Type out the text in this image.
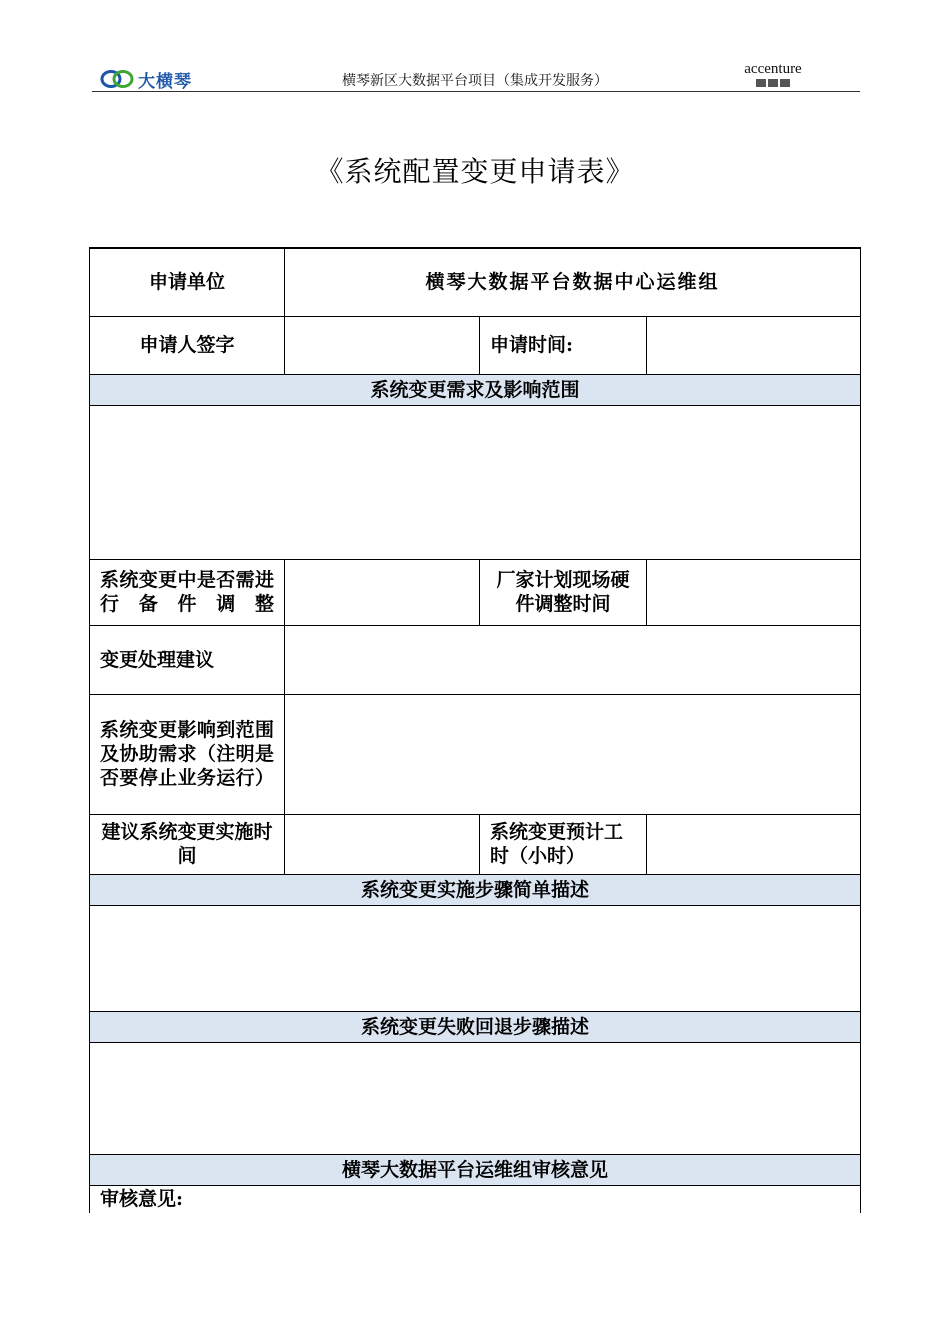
大横琴	横琴新区大数据平台项目（集成开发服务）
accenture
《系统配置变更申请表》
申请单位	横琴大数据平台数据中心运维组		
申请人签字		申请时间:	
系统变更需求及影响范围			

系统变更中是否需进行备件调整		厂家计划现场硬件调整时间	
变更处理建议			
系统变更影响到范围及协助需求（注明是否要停止业务运行）			
建议系统变更实施时间		系统变更预计工时（小时）	
系统变更实施步骤简单描述			

系统变更失败回退步骤描述			

横琴大数据平台运维组审核意见			
审核意见:			
